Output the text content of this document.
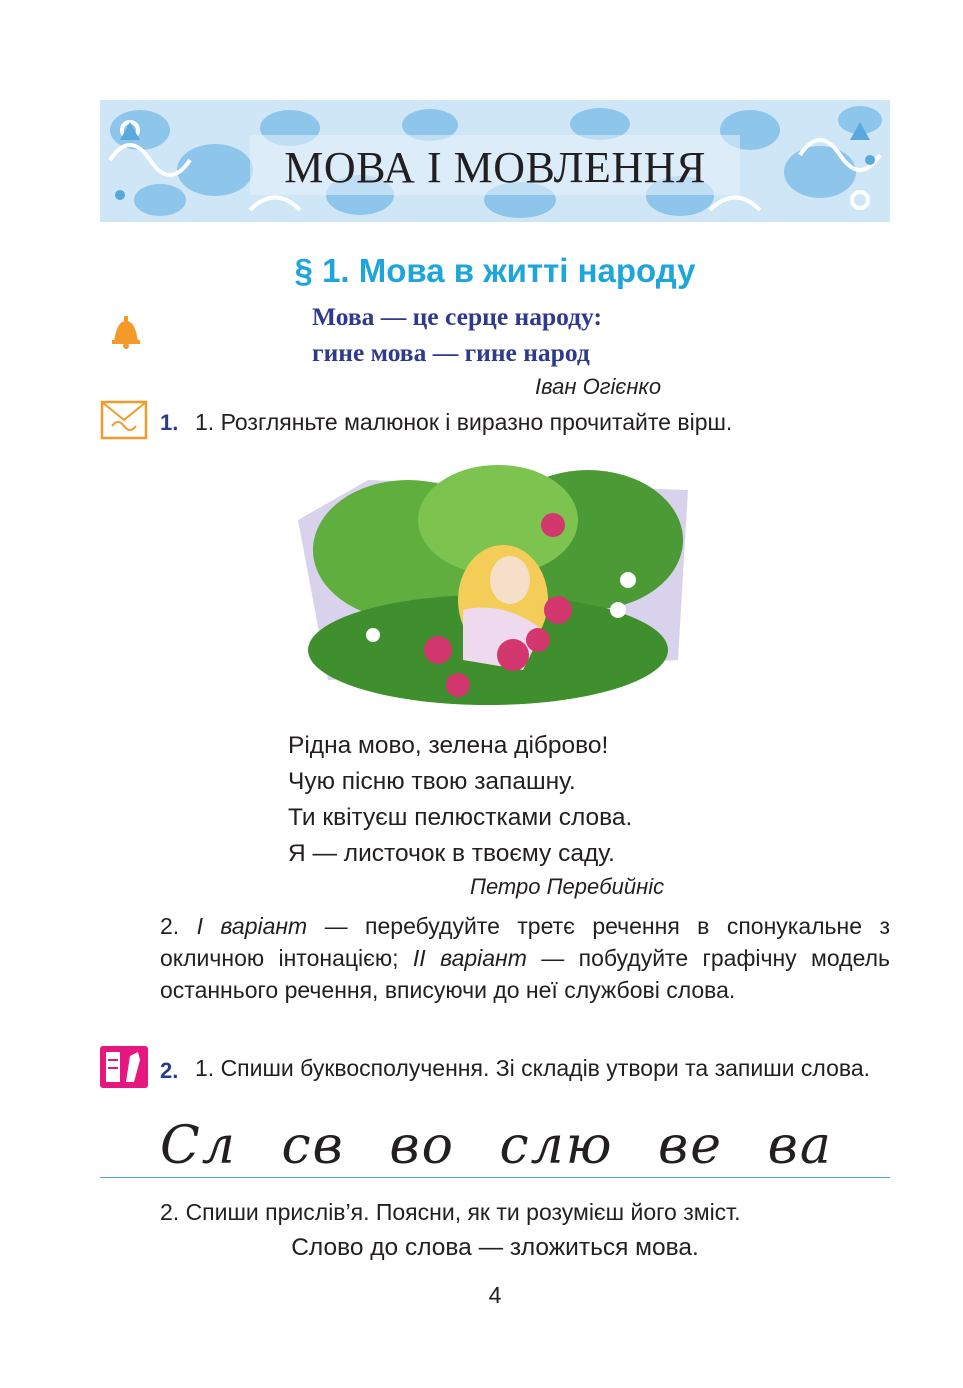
МОВА І МОВЛЕННЯ
§ 1. Мова в житті народу
Мова — це серце народу:
гине мова — гине народ
Іван Огієнко
1. 1. Розгляньте малюнок і виразно прочитайте вірш.
Рідна мово, зелена діброво!
Чую пісню твою запашну.
Ти квітуєш пелюстками слова.
Я — листочок в твоєму саду.
Петро Перебийніс
2. І варіант — перебудуйте третє речення в спонукальне з окличною інтонацією; ІІ варіант — побудуйте графічну модель останнього речення, вписуючи до неї службові слова.
2. 1. Спиши буквосполучення. Зі складів утвори та запиши слова.
Сл св во слю ве ва
2. Спиши прислів’я. Поясни, як ти розумієш його зміст.
Слово до слова — зложиться мова.
4
